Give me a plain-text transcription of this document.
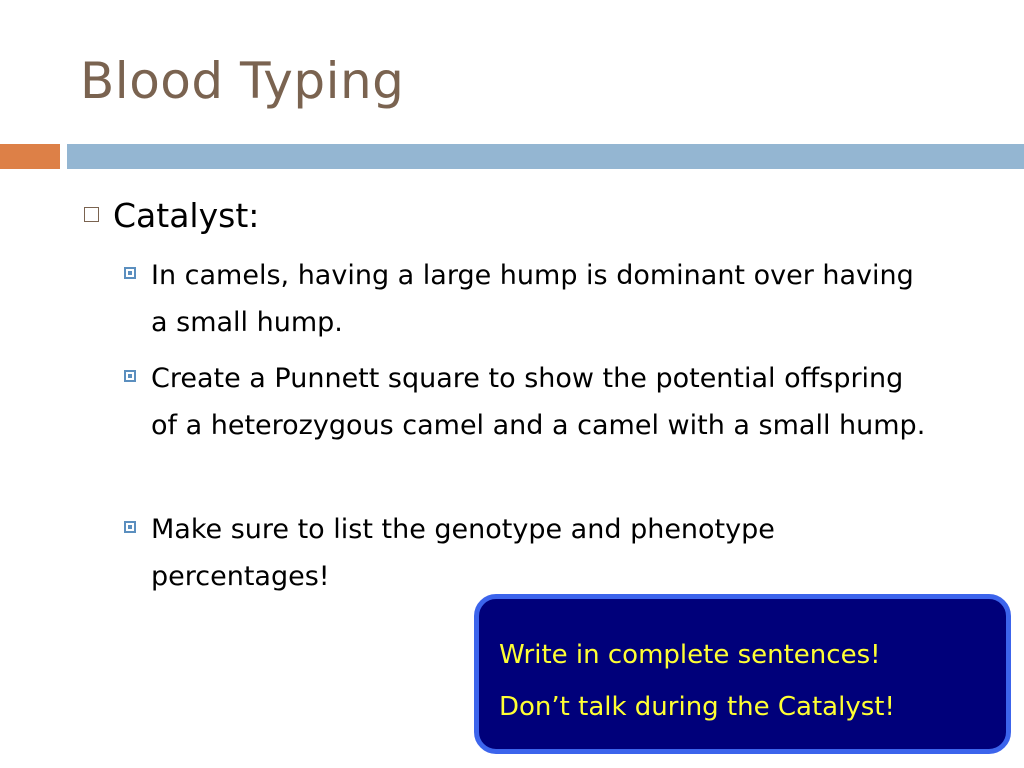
Blood Typing
Catalyst:
In camels, having a large hump is dominant over having a small hump.
Create a Punnett square to show the potential offspring of a heterozygous camel and a camel with a small hump.
Make sure to list the genotype and phenotype percentages!
Write in complete sentences!
Don’t talk during the Catalyst!
